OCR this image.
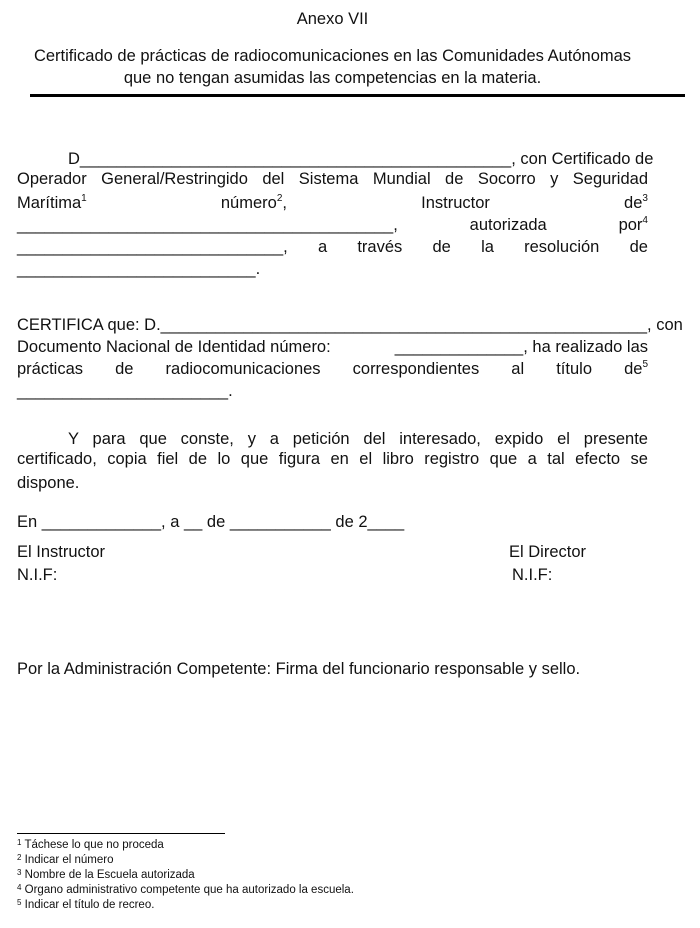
Anexo VII
Certificado de prácticas de radiocomunicaciones en las Comunidades Autónomas
que no tengan asumidas las competencias en la materia.
D_______________________________________________ , con Certificado de
Operador General/Restringido del Sistema Mundial de Socorro y Seguridad
Marítima$^1$	número$^2$,	Instructor	$de^3$
_________________________________________,	autorizada	por$^4$
_____________________________, a través de la resolución de
__________________________.
CERTIFICA que: D. _____________________________________________________, con
Documento Nacional de Identidad número:	______________, ha realizado las
prácticas de radiocomunicaciones correspondientes al título $de^5$
_______________________.
Y para que conste, y a petición del interesado, expido el presente
certificado, copia fiel de lo que figura en el libro registro que a tal efecto se
dispone.
En _____________, a __ de ___________ de 2____
El Instructor
N.I.F:
El Director
N.I.F:
Por la Administración Competente: Firma del funcionario responsable y sello.
$^1$ Táchese lo que no proceda
$^2$ Indicar el número
$^3$ Nombre de la Escuela autorizada
$^4$ Organo administrativo competente que ha autorizado la escuela.
$^5$ Indicar el título de recreo.
